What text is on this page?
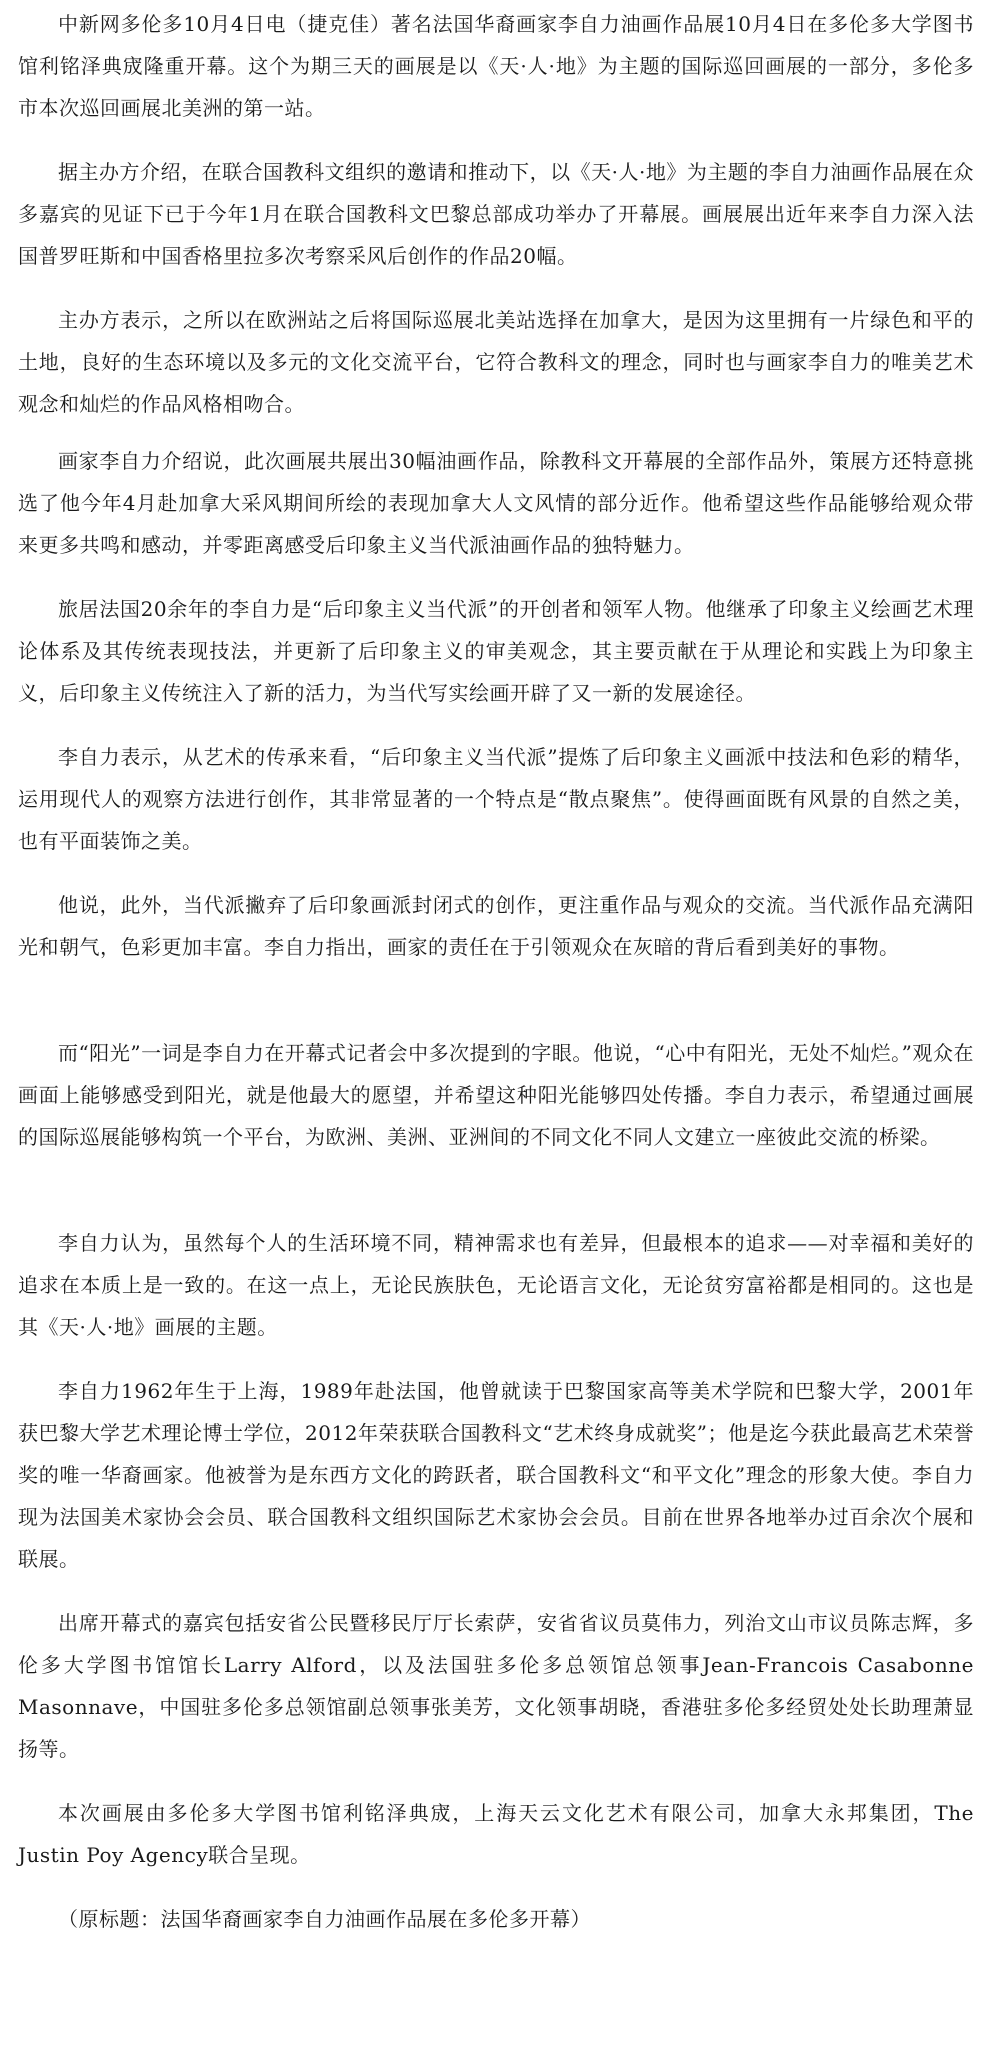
中新网多伦多10月4日电（捷克佳）著名法国华裔画家李自力油画作品展10月4日在多伦多大学图书馆利铭泽典宬隆重开幕。这个为期三天的画展是以《天·人·地》为主题的国际巡回画展的一部分，多伦多市本次巡回画展北美洲的第一站。

据主办方介绍，在联合国教科文组织的邀请和推动下，以《天·人·地》为主题的李自力油画作品展在众多嘉宾的见证下已于今年1月在联合国教科文巴黎总部成功举办了开幕展。画展展出近年来李自力深入法国普罗旺斯和中国香格里拉多次考察采风后创作的作品20幅。

主办方表示，之所以在欧洲站之后将国际巡展北美站选择在加拿大，是因为这里拥有一片绿色和平的土地，良好的生态环境以及多元的文化交流平台，它符合教科文的理念，同时也与画家李自力的唯美艺术观念和灿烂的作品风格相吻合。

画家李自力介绍说，此次画展共展出30幅油画作品，除教科文开幕展的全部作品外，策展方还特意挑选了他今年4月赴加拿大采风期间所绘的表现加拿大人文风情的部分近作。他希望这些作品能够给观众带来更多共鸣和感动，并零距离感受后印象主义当代派油画作品的独特魅力。

旅居法国20余年的李自力是“后印象主义当代派”的开创者和领军人物。他继承了印象主义绘画艺术理论体系及其传统表现技法，并更新了后印象主义的审美观念，其主要贡献在于从理论和实践上为印象主义，后印象主义传统注入了新的活力，为当代写实绘画开辟了又一新的发展途径。

李自力表示，从艺术的传承来看，“后印象主义当代派”提炼了后印象主义画派中技法和色彩的精华，运用现代人的观察方法进行创作，其非常显著的一个特点是“散点聚焦”。使得画面既有风景的自然之美，也有平面装饰之美。

他说，此外，当代派撇弃了后印象画派封闭式的创作，更注重作品与观众的交流。当代派作品充满阳光和朝气，色彩更加丰富。李自力指出，画家的责任在于引领观众在灰暗的背后看到美好的事物。

而“阳光”一词是李自力在开幕式记者会中多次提到的字眼。他说，“心中有阳光，无处不灿烂。”观众在画面上能够感受到阳光，就是他最大的愿望，并希望这种阳光能够四处传播。李自力表示，希望通过画展的国际巡展能够构筑一个平台，为欧洲、美洲、亚洲间的不同文化不同人文建立一座彼此交流的桥梁。

李自力认为，虽然每个人的生活环境不同，精神需求也有差异，但最根本的追求——对幸福和美好的追求在本质上是一致的。在这一点上，无论民族肤色，无论语言文化，无论贫穷富裕都是相同的。这也是其《天·人·地》画展的主题。

李自力1962年生于上海，1989年赴法国，他曾就读于巴黎国家高等美术学院和巴黎大学，2001年获巴黎大学艺术理论博士学位，2012年荣获联合国教科文“艺术终身成就奖”；他是迄今获此最高艺术荣誉奖的唯一华裔画家。他被誉为是东西方文化的跨跃者，联合国教科文“和平文化”理念的形象大使。李自力现为法国美术家协会会员、联合国教科文组织国际艺术家协会会员。目前在世界各地举办过百余次个展和联展。

出席开幕式的嘉宾包括安省公民暨移民厅厅长索萨，安省省议员莫伟力，列治文山市议员陈志辉，多伦多大学图书馆馆长Larry Alford，以及法国驻多伦多总领馆总领事Jean-Francois Casabonne Masonnave，中国驻多伦多总领馆副总领事张美芳，文化领事胡晓，香港驻多伦多经贸处处长助理萧显扬等。

本次画展由多伦多大学图书馆利铭泽典宬，上海天云文化艺术有限公司，加拿大永邦集团，The Justin Poy Agency联合呈现。

（原标题：法国华裔画家李自力油画作品展在多伦多开幕）
